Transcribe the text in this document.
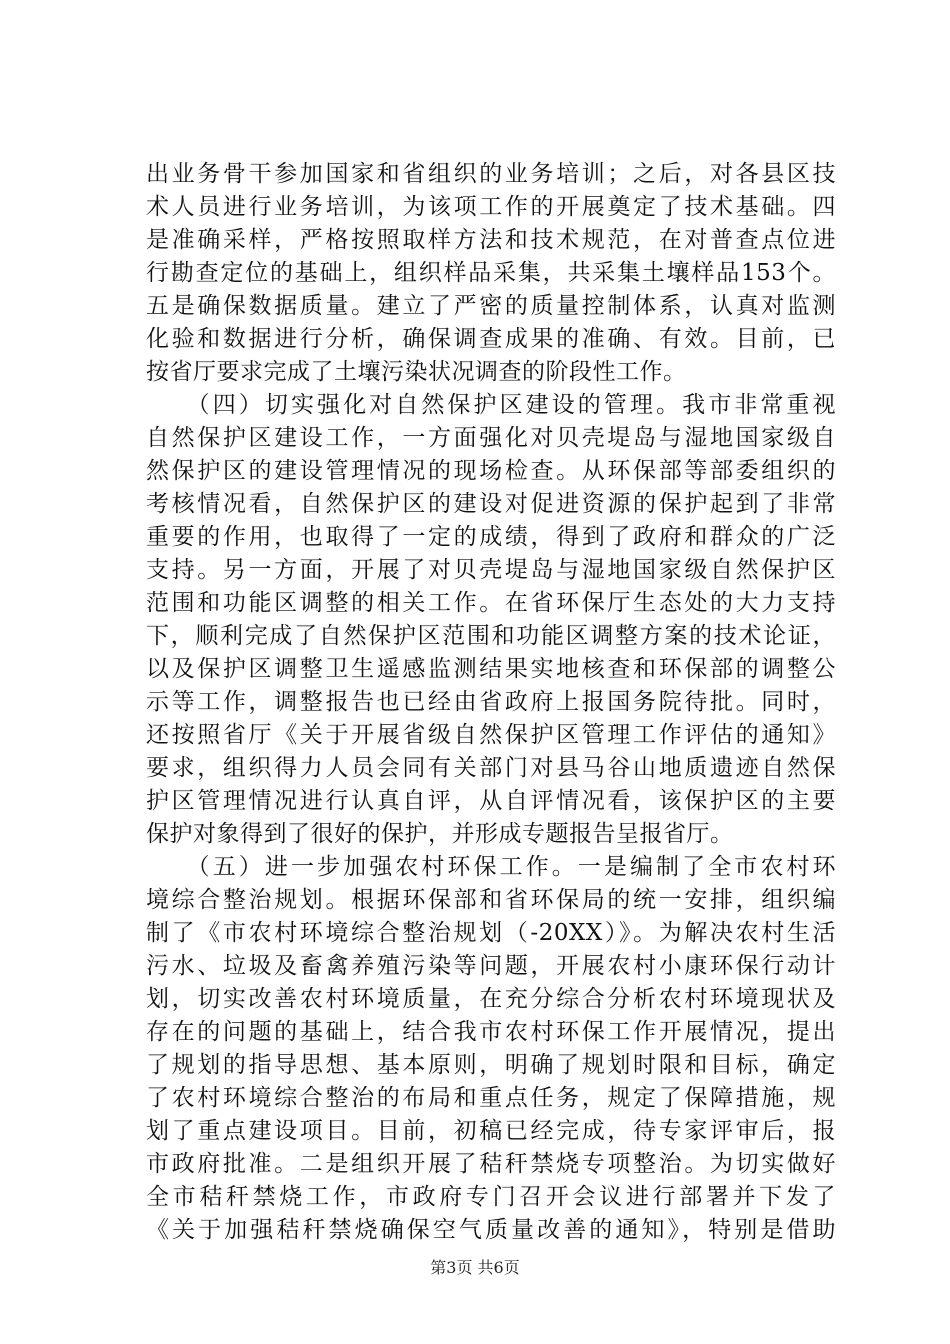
出业务骨干参加国家和省组织的业务培训；之后，对各县区技
术人员进行业务培训，为该项工作的开展奠定了技术基础。四
是准确采样，严格按照取样方法和技术规范，在对普查点位进
行勘查定位的基础上，组织样品采集，共采集土壤样品153个。
五是确保数据质量。建立了严密的质量控制体系，认真对监测
化验和数据进行分析，确保调查成果的准确、有效。目前，已
按省厅要求完成了土壤污染状况调查的阶段性工作。
　　（四）切实强化对自然保护区建设的管理。我市非常重视
自然保护区建设工作，一方面强化对贝壳堤岛与湿地国家级自
然保护区的建设管理情况的现场检查。从环保部等部委组织的
考核情况看，自然保护区的建设对促进资源的保护起到了非常
重要的作用，也取得了一定的成绩，得到了政府和群众的广泛
支持。另一方面，开展了对贝壳堤岛与湿地国家级自然保护区
范围和功能区调整的相关工作。在省环保厅生态处的大力支持
下，顺利完成了自然保护区范围和功能区调整方案的技术论证，
以及保护区调整卫生遥感监测结果实地核查和环保部的调整公
示等工作，调整报告也已经由省政府上报国务院待批。同时，
还按照省厅《关于开展省级自然保护区管理工作评估的通知》
要求，组织得力人员会同有关部门对县马谷山地质遗迹自然保
护区管理情况进行认真自评，从自评情况看，该保护区的主要
保护对象得到了很好的保护，并形成专题报告呈报省厅。
　　（五）进一步加强农村环保工作。一是编制了全市农村环
境综合整治规划。根据环保部和省环保局的统一安排，组织编
制了《市农村环境综合整治规划（-20XX）》。为解决农村生活
污水、垃圾及畜禽养殖污染等问题，开展农村小康环保行动计
划，切实改善农村环境质量，在充分综合分析农村环境现状及
存在的问题的基础上，结合我市农村环保工作开展情况，提出
了规划的指导思想、基本原则，明确了规划时限和目标，确定
了农村环境综合整治的布局和重点任务，规定了保障措施，规
划了重点建设项目。目前，初稿已经完成，待专家评审后，报
市政府批准。二是组织开展了秸秆禁烧专项整治。为切实做好
全市秸秆禁烧工作，市政府专门召开会议进行部署并下发了
《关于加强秸秆禁烧确保空气质量改善的通知》，特别是借助
第3页 共6页
